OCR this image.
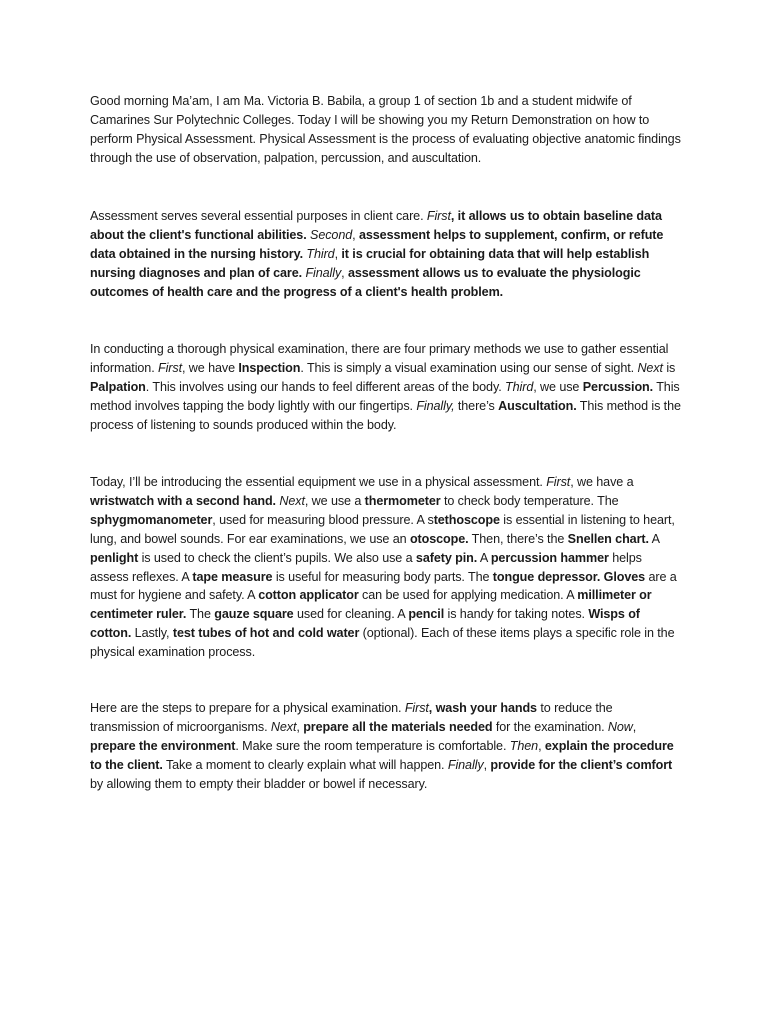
Good morning Ma’am, I am Ma. Victoria B. Babila, a group 1 of section 1b and a student midwife of Camarines Sur Polytechnic Colleges. Today I will be showing you my Return Demonstration on how to perform Physical Assessment. Physical Assessment is the process of evaluating objective anatomic findings through the use of observation, palpation, percussion, and auscultation.

Assessment serves several essential purposes in client care. First, it allows us to obtain baseline data about the client's functional abilities. Second, assessment helps to supplement, confirm, or refute data obtained in the nursing history. Third, it is crucial for obtaining data that will help establish nursing diagnoses and plan of care. Finally, assessment allows us to evaluate the physiologic outcomes of health care and the progress of a client's health problem.

In conducting a thorough physical examination, there are four primary methods we use to gather essential information. First, we have Inspection. This is simply a visual examination using our sense of sight. Next is Palpation. This involves using our hands to feel different areas of the body. Third, we use Percussion. This method involves tapping the body lightly with our fingertips. Finally, there’s Auscultation. This method is the process of listening to sounds produced within the body.

Today, I’ll be introducing the essential equipment we use in a physical assessment. First, we have a wristwatch with a second hand. Next, we use a thermometer to check body temperature. The sphygmomanometer, used for measuring blood pressure. A stethoscope is essential in listening to heart, lung, and bowel sounds. For ear examinations, we use an otoscope. Then, there’s the Snellen chart. A penlight is used to check the client’s pupils. We also use a safety pin. A percussion hammer helps assess reflexes. A tape measure is useful for measuring body parts. The tongue depressor. Gloves are a must for hygiene and safety. A cotton applicator can be used for applying medication. A millimeter or centimeter ruler. The gauze square used for cleaning. A pencil is handy for taking notes. Wisps of cotton. Lastly, test tubes of hot and cold water (optional). Each of these items plays a specific role in the physical examination process.

Here are the steps to prepare for a physical examination. First, wash your hands to reduce the transmission of microorganisms. Next, prepare all the materials needed for the examination. Now, prepare the environment. Make sure the room temperature is comfortable. Then, explain the procedure to the client. Take a moment to clearly explain what will happen. Finally, provide for the client’s comfort by allowing them to empty their bladder or bowel if necessary.
